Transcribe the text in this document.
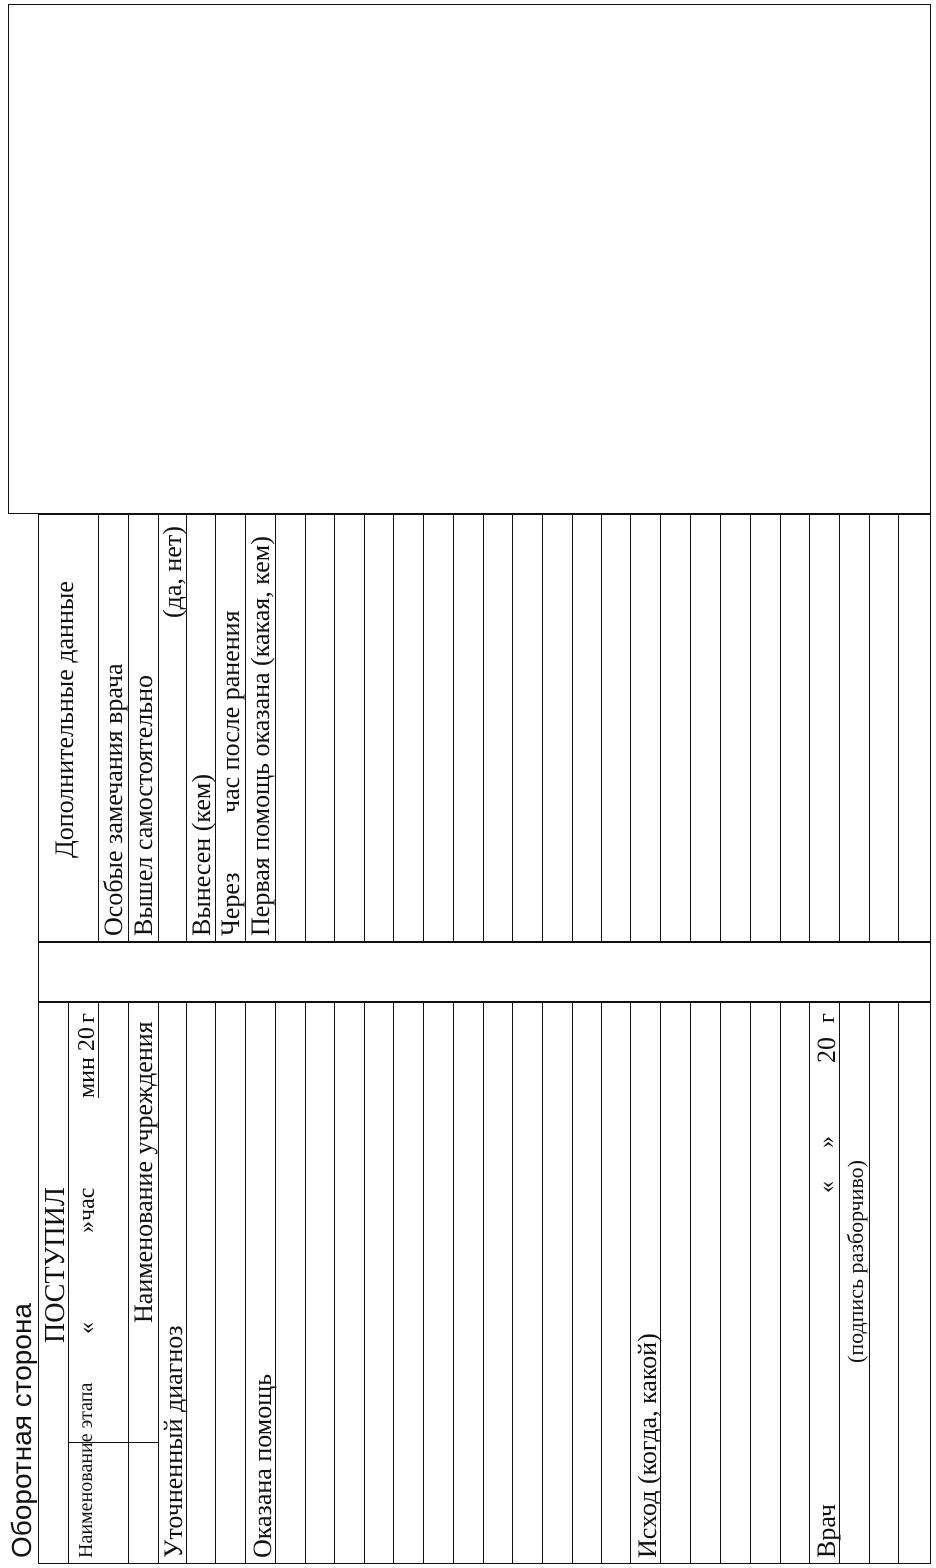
Оборотная сторона
ПОСТУПИЛ
Наименование этапа
«
»час
мин 20
г
Наименование учреждения
Уточненный диагноз Оказана помощь	Исход (когда, какой)	Врач
«
»
20
г
(подпись разборчиво)
Дополнительные данные Особые замечания врача Вышел самостоятельно
(да, нет)
Вынесен (кем) Через
час после ранения Первая помощь оказана (какая, кем)
